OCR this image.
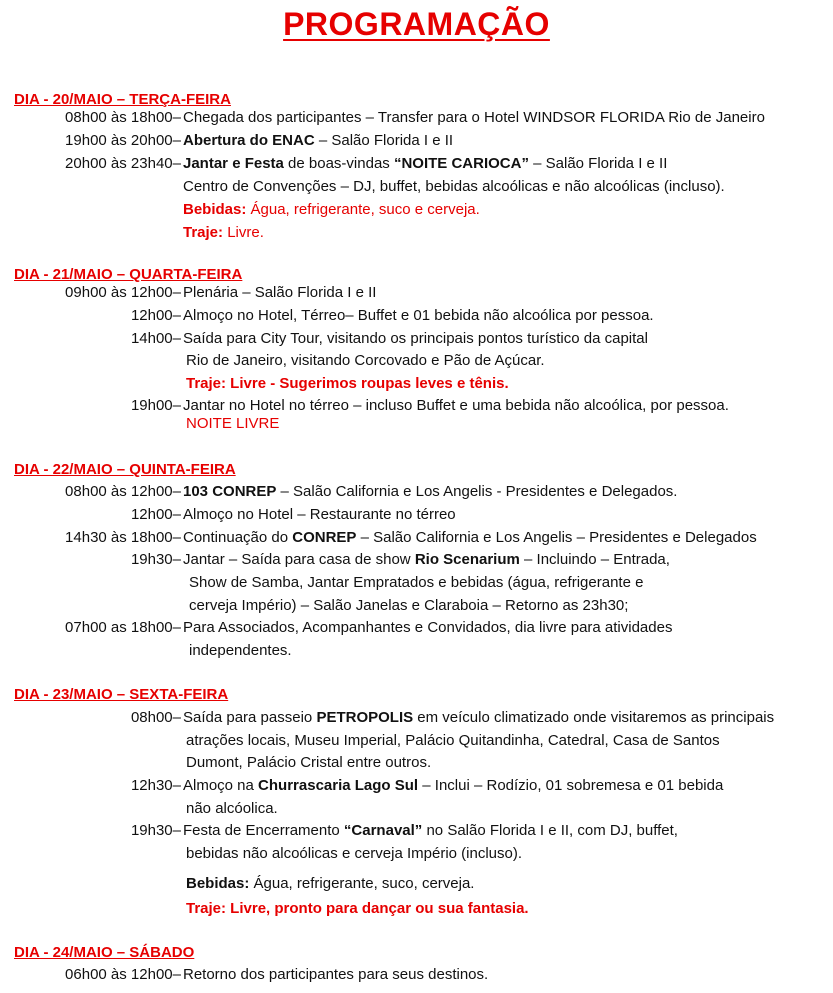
PROGRAMAÇÃO
DIA - 20/MAIO – TERÇA-FEIRA
08h00 às 18h00– Chegada dos participantes – Transfer para o Hotel WINDSOR FLORIDA Rio de Janeiro
19h00 às 20h00– Abertura do ENAC – Salão Florida I e II
20h00 às 23h40– Jantar e Festa de boas-vindas “NOITE CARIOCA” – Salão Florida I e II
Centro de Convenções – DJ, buffet, bebidas alcoólicas e não alcoólicas (incluso).
Bebidas: Água, refrigerante, suco e cerveja.
Traje: Livre.
DIA - 21/MAIO – QUARTA-FEIRA
09h00 às 12h00– Plenária – Salão Florida I e II
12h00– Almoço no Hotel, Térreo– Buffet e 01 bebida não alcoólica por pessoa.
14h00– Saída para City Tour, visitando os principais pontos turístico da capital
Rio de Janeiro, visitando Corcovado e Pão de Açúcar.
Traje: Livre - Sugerimos roupas leves e tênis.
19h00– Jantar no Hotel no térreo – incluso Buffet e uma bebida não alcoólica, por pessoa.
NOITE LIVRE
DIA - 22/MAIO – QUINTA-FEIRA
08h00 às 12h00– 103 CONREP – Salão California e Los Angelis - Presidentes e Delegados.
12h00– Almoço no Hotel – Restaurante no térreo
14h30 às 18h00– Continuação do CONREP – Salão California e Los Angelis – Presidentes e Delegados
19h30– Jantar – Saída para casa de show Rio Scenarium – Incluindo – Entrada,
Show de Samba, Jantar Empratados e bebidas (água, refrigerante e
cerveja Império) – Salão Janelas e Claraboia – Retorno as 23h30;
07h00 as 18h00– Para Associados, Acompanhantes e Convidados, dia livre para atividades
independentes.
DIA - 23/MAIO – SEXTA-FEIRA
08h00– Saída para passeio PETROPOLIS em veículo climatizado onde visitaremos as principais
atrações locais, Museu Imperial, Palácio Quitandinha, Catedral, Casa de Santos
Dumont, Palácio Cristal entre outros.
12h30– Almoço na Churrascaria Lago Sul – Inclui – Rodízio, 01 sobremesa e 01 bebida
não alcóolica.
19h30– Festa de Encerramento “Carnaval” no Salão Florida I e II, com DJ, buffet,
bebidas não alcoólicas e cerveja Império (incluso).
Bebidas: Água, refrigerante, suco, cerveja.
Traje: Livre, pronto para dançar ou sua fantasia.
DIA - 24/MAIO – SÁBADO
06h00 às 12h00– Retorno dos participantes para seus destinos.
